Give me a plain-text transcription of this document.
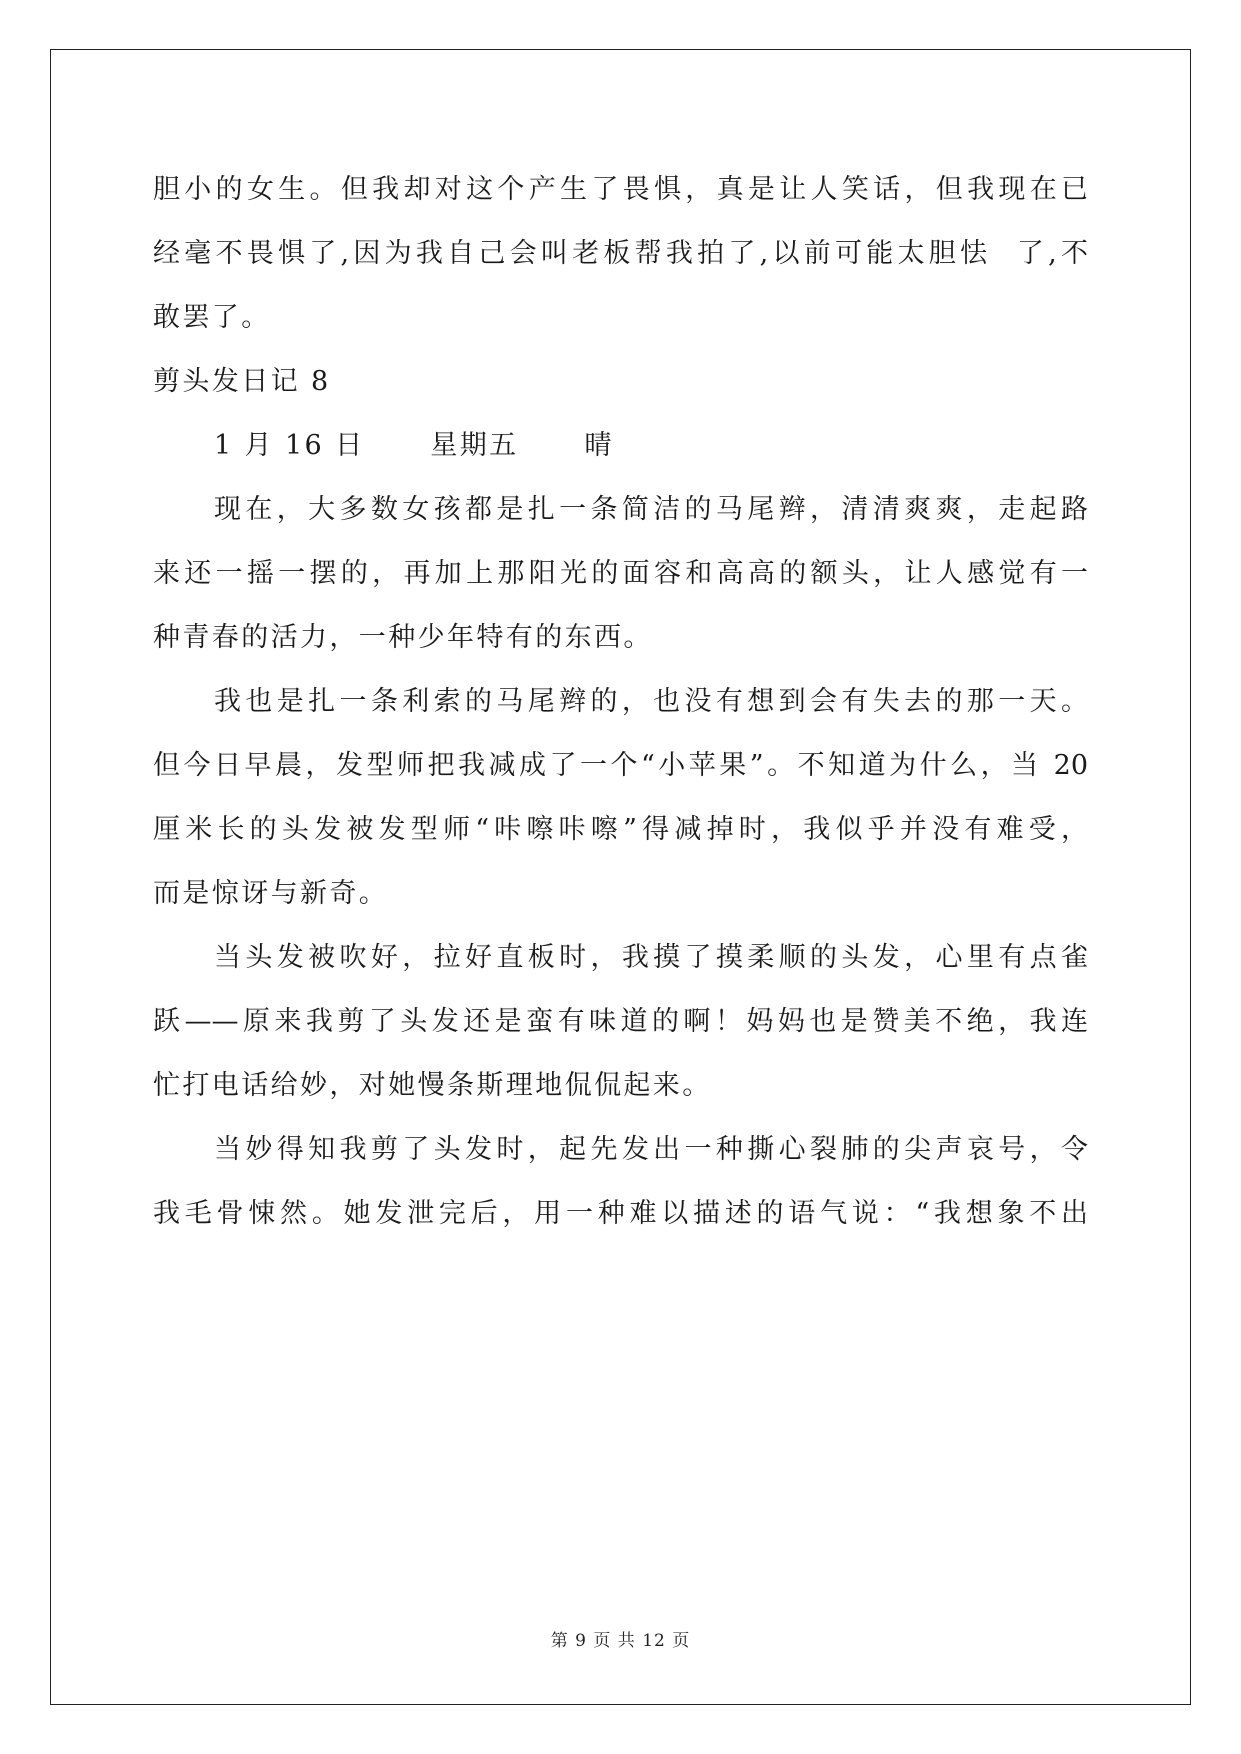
胆小的女生。但我却对这个产生了畏惧，真是让人笑话，但我现在已

经毫不畏惧了,因为我自己会叫老板帮我拍了,以前可能太胆怯  了,不

敢罢了。

剪头发日记 8

1 月 16 日      星期五      晴

现在，大多数女孩都是扎一条简洁的马尾辫，清清爽爽，走起路

来还一摇一摆的，再加上那阳光的面容和高高的额头，让人感觉有一

种青春的活力，一种少年特有的东西。

我也是扎一条利索的马尾辫的，也没有想到会有失去的那一天。

但今日早晨，发型师把我减成了一个“小苹果”。不知道为什么，当 20

厘米长的头发被发型师“咔嚓咔嚓”得减掉时，我似乎并没有难受，

而是惊讶与新奇。

当头发被吹好，拉好直板时，我摸了摸柔顺的头发，心里有点雀

跃——原来我剪了头发还是蛮有味道的啊！妈妈也是赞美不绝，我连

忙打电话给妙，对她慢条斯理地侃侃起来。

当妙得知我剪了头发时，起先发出一种撕心裂肺的尖声哀号，令

我毛骨悚然。她发泄完后，用一种难以描述的语气说：“我想象不出

第 9 页 共 12 页
